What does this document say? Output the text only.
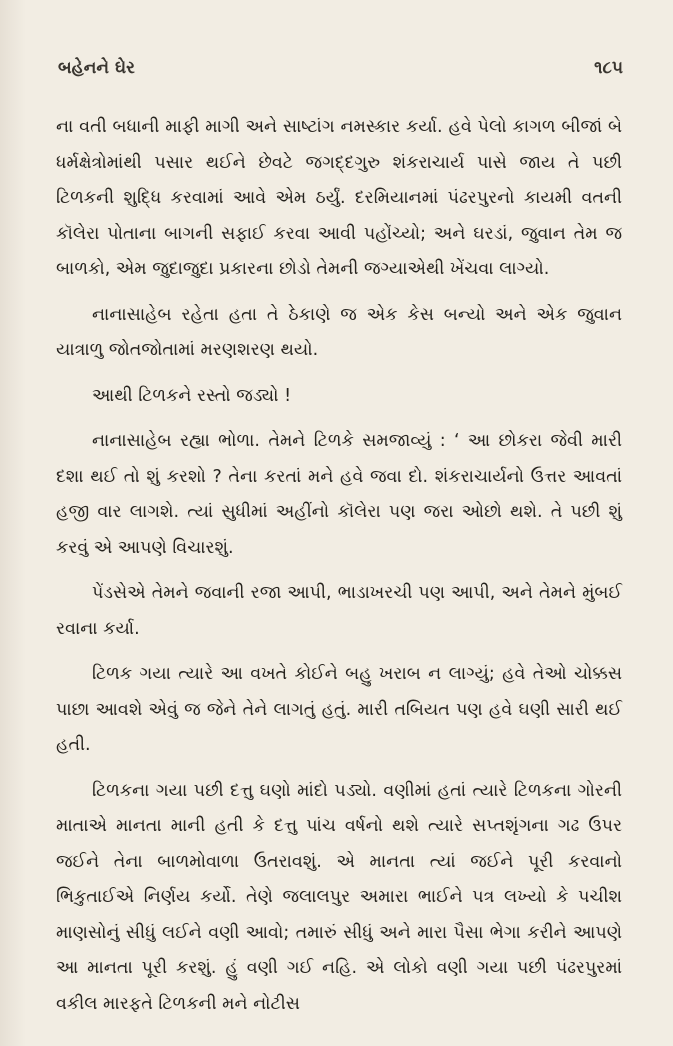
બહેનને ઘેર	૧૮૫

ના વતી બધાની માફી માગી અને સાષ્ટાંગ નમસ્કાર કર્યા. હવે પેલો કાગળ બીજાં બે ધર્મક્ષેત્રોમાંથી પસાર થઈને છેવટે જગદ્દગુરુ શંકરાચાર્ય પાસે જાય તે પછી ટિળકની શુદ્ધિ કરવામાં આવે એમ ઠર્યું. દરમિયાનમાં પંઢરપુરનો કાયમી વતની કૉલેરા પોતાના બાગની સફાઈ કરવા આવી પહોંચ્યો; અને ઘરડાં, જુવાન તેમ જ બાળકો, એમ જુદાજુદા પ્રકારના છોડો તેમની જગ્યાએથી ખેંચવા લાગ્યો.

નાનાસાહેબ રહેતા હતા તે ઠેકાણે જ એક કેસ બન્યો અને એક જુવાન યાત્રાળુ જોતજોતામાં મરણશરણ થયો.

આથી ટિળકને રસ્તો જડ્યો !

નાનાસાહેબ રહ્યા ભોળા. તેમને ટિળકે સમજાવ્યું : ‘ આ છોકરા જેવી મારી દશા થઈ તો શું કરશો ? તેના કરતાં મને હવે જવા દો. શંકરાચાર્યનો ઉત્તર આવતાં હજી વાર લાગશે. ત્યાં સુધીમાં અહીંનો કૉલેરા પણ જરા ઓછો થશે. તે પછી શું કરવું એ આપણે વિચારશું.

પેંડસેએ તેમને જવાની રજા આપી, ભાડાખરચી પણ આપી, અને તેમને મુંબઈ રવાના કર્યા.

ટિળક ગયા ત્યારે આ વખતે કોઈને બહુ ખરાબ ન લાગ્યું; હવે તેઓ ચોક્કસ પાછા આવશે એવું જ જેને તેને લાગતું હતું. મારી તબિયત પણ હવે ઘણી સારી થઈ હતી.

ટિળકના ગયા પછી દત્તુ ઘણો માંદો પડ્યો. વણીમાં હતાં ત્યારે ટિળકના ગોરની માતાએ માનતા માની હતી કે દત્તુ પાંચ વર્ષનો થશે ત્યારે સપ્તશૃંગના ગઢ ઉપર જઈને તેના બાળમોવાળા ઉતરાવશું. એ માનતા ત્યાં જઈને પૂરી કરવાનો ભિકુતાઈએ નિર્ણય કર્યો. તેણે જલાલપુર અમારા ભાઈને પત્ર લખ્યો કે પચીશ માણસોનું સીધું લઈને વણી આવો; તમારું સીધું અને મારા પૈસા ભેગા કરીને આપણે આ માનતા પૂરી કરશું. હું વણી ગઈ નહિ. એ લોકો વણી ગયા પછી પંઢરપુરમાં વકીલ મારફતે ટિળકની મને નોટીસ
